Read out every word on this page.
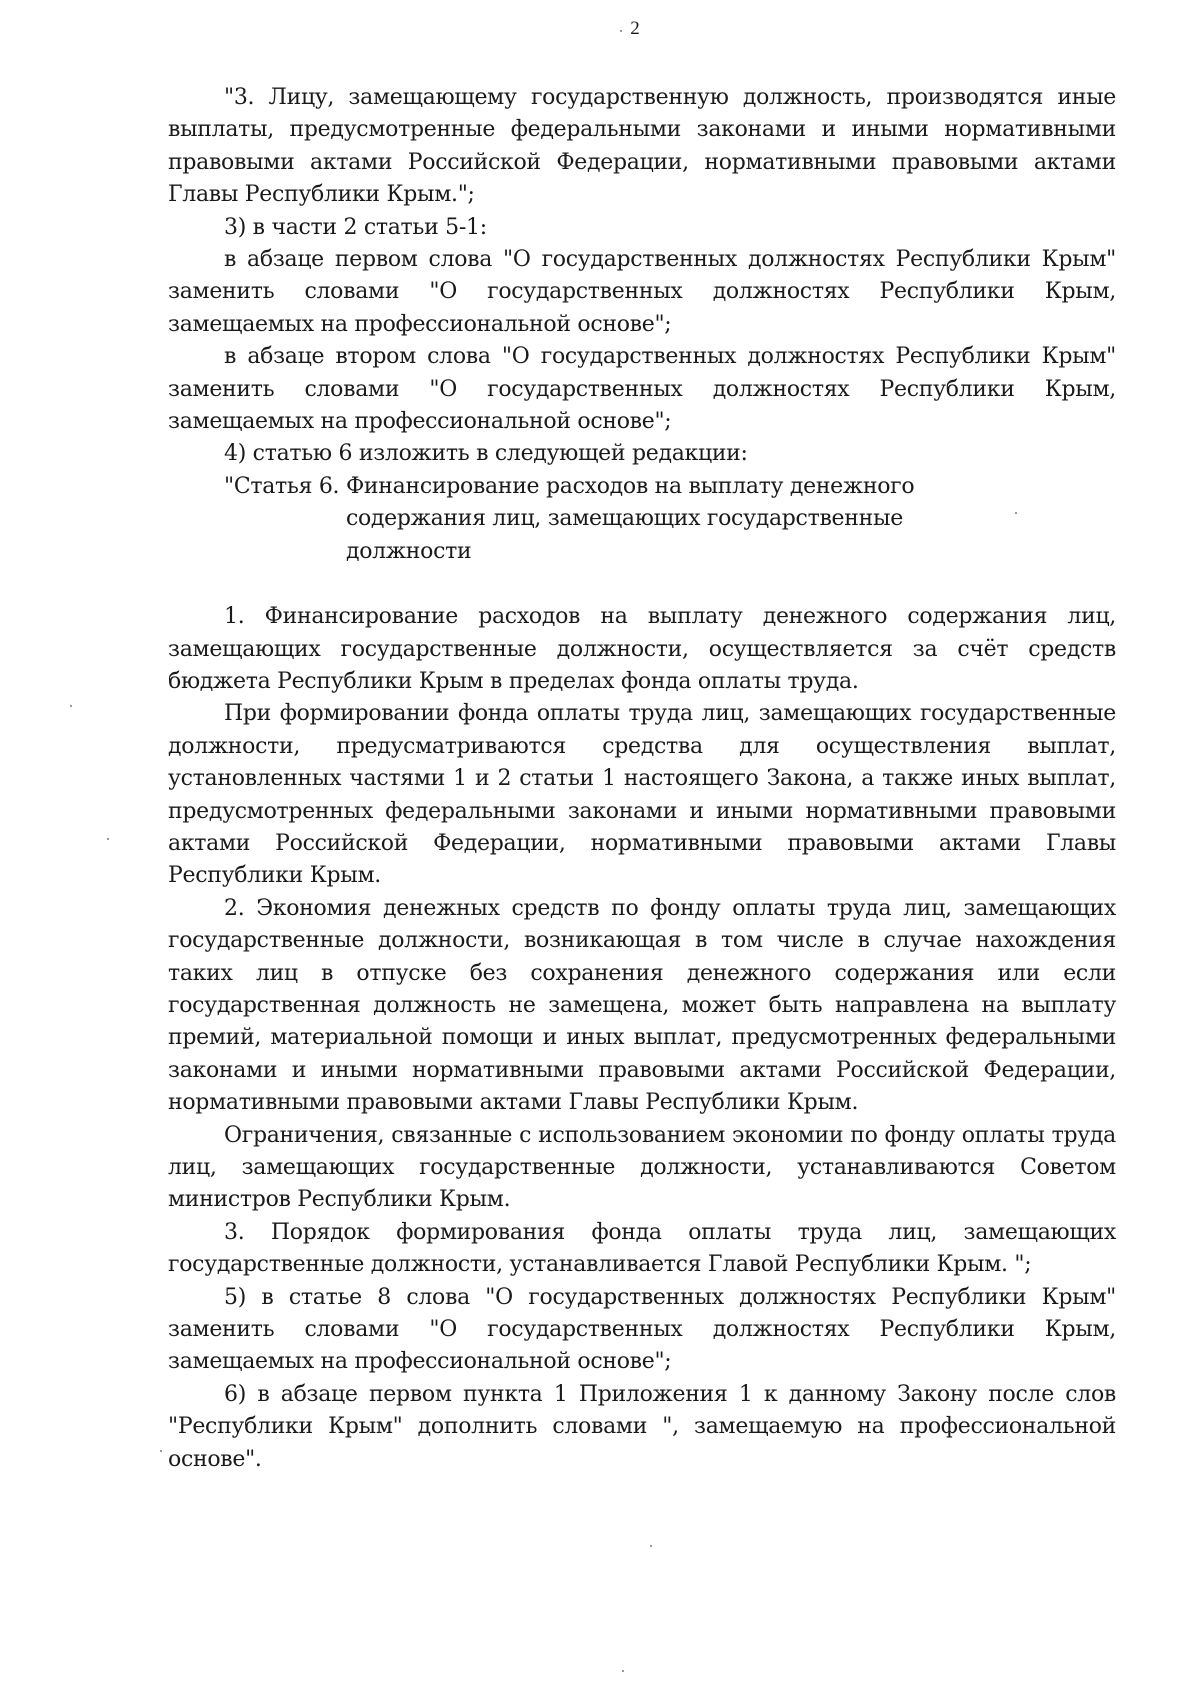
2

"3. Лицу, замещающему государственную должность, производятся иные выплаты, предусмотренные федеральными законами и иными нормативными правовыми актами Российской Федерации, нормативными правовыми актами Главы Республики Крым.";

3) в части 2 статьи 5-1:

в абзаце первом слова "О государственных должностях Республики Крым" заменить словами "О государственных должностях Республики Крым, замещаемых на профессиональной основе";

в абзаце втором слова "О государственных должностях Республики Крым" заменить словами "О государственных должностях Республики Крым, замещаемых на профессиональной основе";

4) статью 6 изложить в следующей редакции:

"Статья 6. Финансирование расходов на выплату денежного содержания лиц, замещающих государственные должности

1. Финансирование расходов на выплату денежного содержания лиц, замещающих государственные должности, осуществляется за счёт средств бюджета Республики Крым в пределах фонда оплаты труда.

При формировании фонда оплаты труда лиц, замещающих государственные должности, предусматриваются средства для осуществления выплат, установленных частями 1 и 2 статьи 1 настоящего Закона, а также иных выплат, предусмотренных федеральными законами и иными нормативными правовыми актами Российской Федерации, нормативными правовыми актами Главы Республики Крым.

2. Экономия денежных средств по фонду оплаты труда лиц, замещающих государственные должности, возникающая в том числе в случае нахождения таких лиц в отпуске без сохранения денежного содержания или если государственная должность не замещена, может быть направлена на выплату премий, материальной помощи и иных выплат, предусмотренных федеральными законами и иными нормативными правовыми актами Российской Федерации, нормативными правовыми актами Главы Республики Крым.

Ограничения, связанные с использованием экономии по фонду оплаты труда лиц, замещающих государственные должности, устанавливаются Советом министров Республики Крым.

3. Порядок формирования фонда оплаты труда лиц, замещающих государственные должности, устанавливается Главой Республики Крым. ";

5) в статье 8 слова "О государственных должностях Республики Крым" заменить словами "О государственных должностях Республики Крым, замещаемых на профессиональной основе";

6) в абзаце первом пункта 1 Приложения 1 к данному Закону после слов "Республики Крым" дополнить словами ", замещаемую на профессиональной основе".
